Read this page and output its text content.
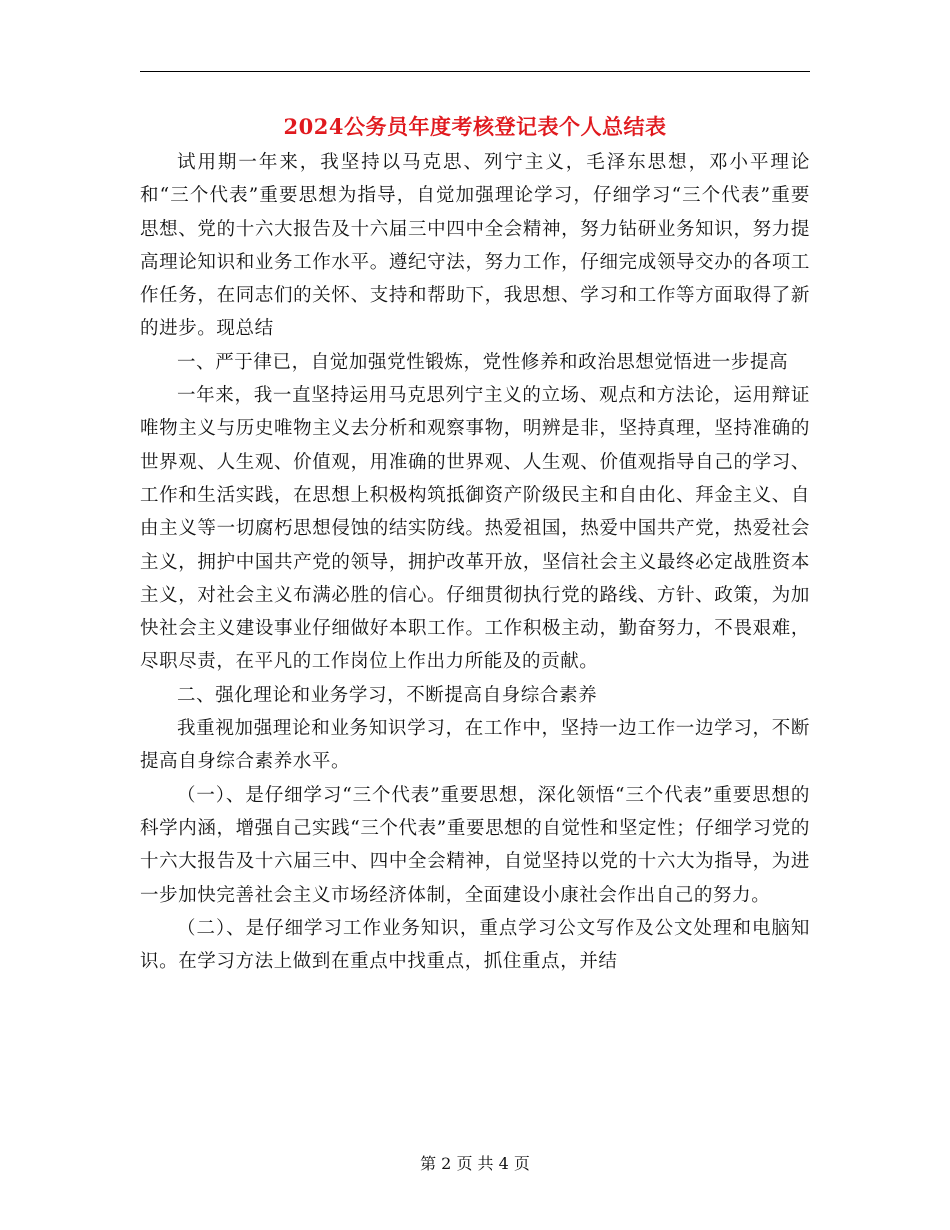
2024公务员年度考核登记表个人总结表

试用期一年来，我坚持以马克思、列宁主义，毛泽东思想，邓小平理论和“三个代表”重要思想为指导，自觉加强理论学习，仔细学习“三个代表”重要思想、党的十六大报告及十六届三中四中全会精神，努力钻研业务知识，努力提高理论知识和业务工作水平。遵纪守法，努力工作，仔细完成领导交办的各项工作任务，在同志们的关怀、支持和帮助下，我思想、学习和工作等方面取得了新的进步。现总结

一、严于律已，自觉加强党性锻炼，党性修养和政治思想觉悟进一步提高

一年来，我一直坚持运用马克思列宁主义的立场、观点和方法论，运用辩证唯物主义与历史唯物主义去分析和观察事物，明辨是非，坚持真理，坚持准确的世界观、人生观、价值观，用准确的世界观、人生观、价值观指导自己的学习、工作和生活实践，在思想上积极构筑抵御资产阶级民主和自由化、拜金主义、自由主义等一切腐朽思想侵蚀的结实防线。热爱祖国，热爱中国共产党，热爱社会主义，拥护中国共产党的领导，拥护改革开放，坚信社会主义最终必定战胜资本主义，对社会主义布满必胜的信心。仔细贯彻执行党的路线、方针、政策，为加快社会主义建设事业仔细做好本职工作。工作积极主动，勤奋努力，不畏艰难，尽职尽责，在平凡的工作岗位上作出力所能及的贡献。

二、强化理论和业务学习，不断提高自身综合素养

我重视加强理论和业务知识学习，在工作中，坚持一边工作一边学习，不断提高自身综合素养水平。

（一）、是仔细学习“三个代表”重要思想，深化领悟“三个代表”重要思想的科学内涵，增强自己实践“三个代表”重要思想的自觉性和坚定性；仔细学习党的十六大报告及十六届三中、四中全会精神，自觉坚持以党的十六大为指导，为进一步加快完善社会主义市场经济体制，全面建设小康社会作出自己的努力。

（二）、是仔细学习工作业务知识，重点学习公文写作及公文处理和电脑知识。在学习方法上做到在重点中找重点，抓住重点，并结

第 2 页 共 4 页
